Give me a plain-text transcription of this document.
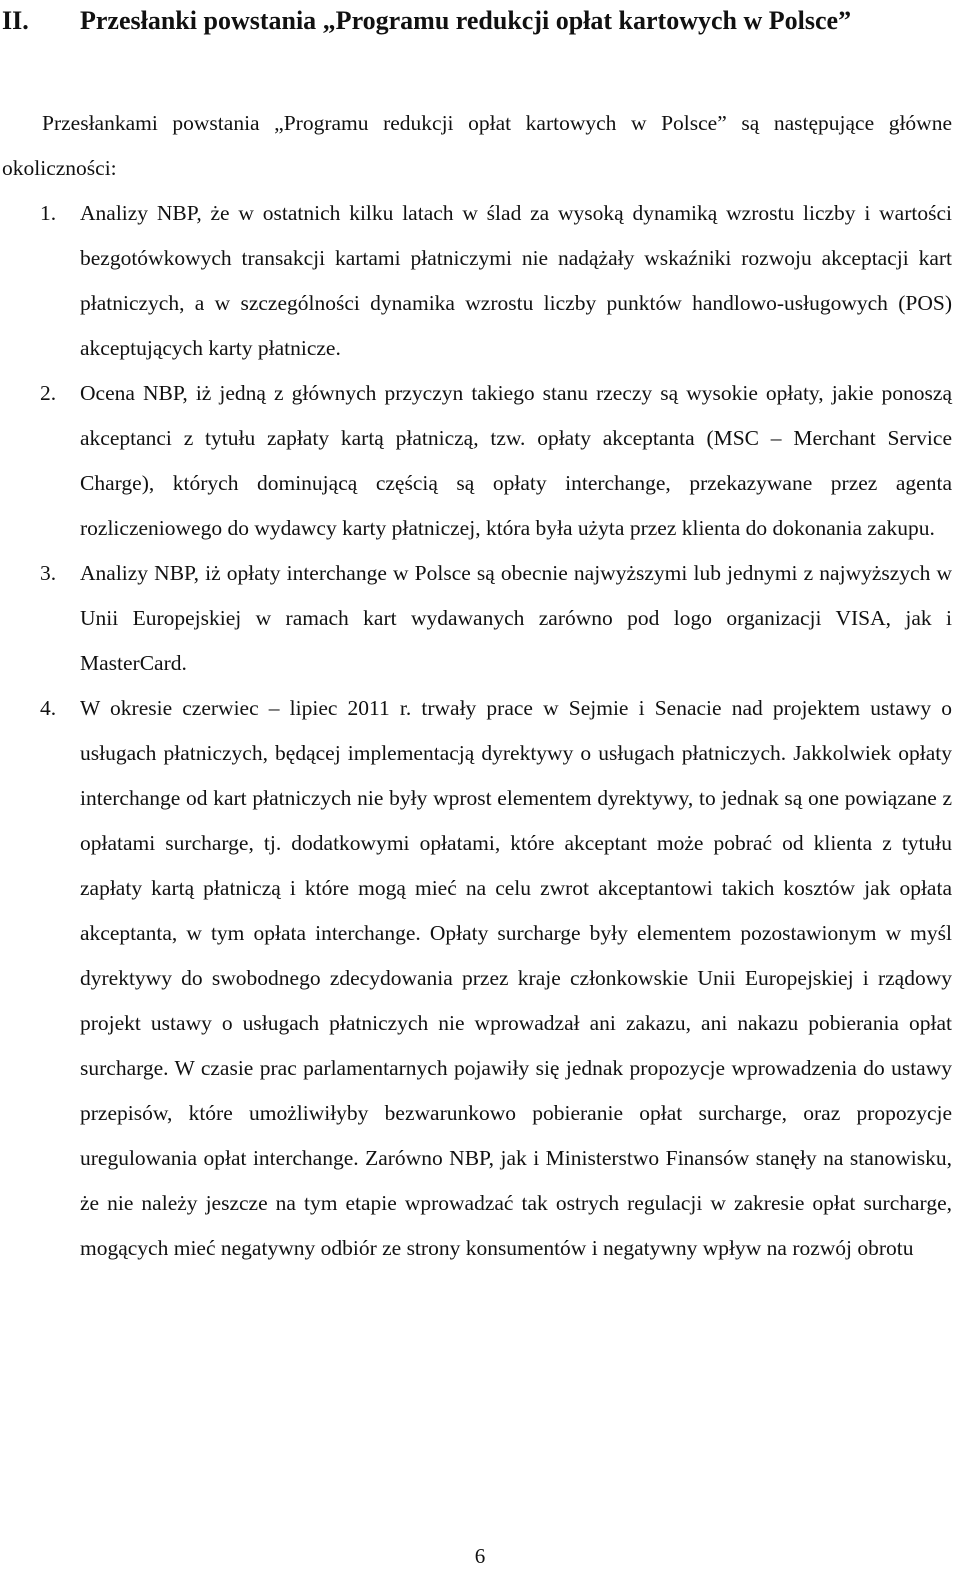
II. Przesłanki powstania „Programu redukcji opłat kartowych w Polsce”

Przesłankami powstania „Programu redukcji opłat kartowych w Polsce” są następujące główne okoliczności:

1. Analizy NBP, że w ostatnich kilku latach w ślad za wysoką dynamiką wzrostu liczby i wartości bezgotówkowych transakcji kartami płatniczymi nie nadążały wskaźniki rozwoju akceptacji kart płatniczych, a w szczególności dynamika wzrostu liczby punktów handlowo-usługowych (POS) akceptujących karty płatnicze.
2. Ocena NBP, iż jedną z głównych przyczyn takiego stanu rzeczy są wysokie opłaty, jakie ponoszą akceptanci z tytułu zapłaty kartą płatniczą, tzw. opłaty akceptanta (MSC – Merchant Service Charge), których dominującą częścią są opłaty interchange, przekazywane przez agenta rozliczeniowego do wydawcy karty płatniczej, która była użyta przez klienta do dokonania zakupu.
3. Analizy NBP, iż opłaty interchange w Polsce są obecnie najwyższymi lub jednymi z najwyższych w Unii Europejskiej w ramach kart wydawanych zarówno pod logo organizacji VISA, jak i MasterCard.
4. W okresie czerwiec – lipiec 2011 r. trwały prace w Sejmie i Senacie nad projektem ustawy o usługach płatniczych, będącej implementacją dyrektywy o usługach płatniczych. Jakkolwiek opłaty interchange od kart płatniczych nie były wprost elementem dyrektywy, to jednak są one powiązane z opłatami surcharge, tj. dodatkowymi opłatami, które akceptant może pobrać od klienta z tytułu zapłaty kartą płatniczą i które mogą mieć na celu zwrot akceptantowi takich kosztów jak opłata akceptanta, w tym opłata interchange. Opłaty surcharge były elementem pozostawionym w myśl dyrektywy do swobodnego zdecydowania przez kraje członkowskie Unii Europejskiej i rządowy projekt ustawy o usługach płatniczych nie wprowadzał ani zakazu, ani nakazu pobierania opłat surcharge. W czasie prac parlamentarnych pojawiły się jednak propozycje wprowadzenia do ustawy przepisów, które umożliwiłyby bezwarunkowo pobieranie opłat surcharge, oraz propozycje uregulowania opłat interchange. Zarówno NBP, jak i Ministerstwo Finansów stanęły na stanowisku, że nie należy jeszcze na tym etapie wprowadzać tak ostrych regulacji w zakresie opłat surcharge, mogących mieć negatywny odbiór ze strony konsumentów i negatywny wpływ na rozwój obrotu
6
